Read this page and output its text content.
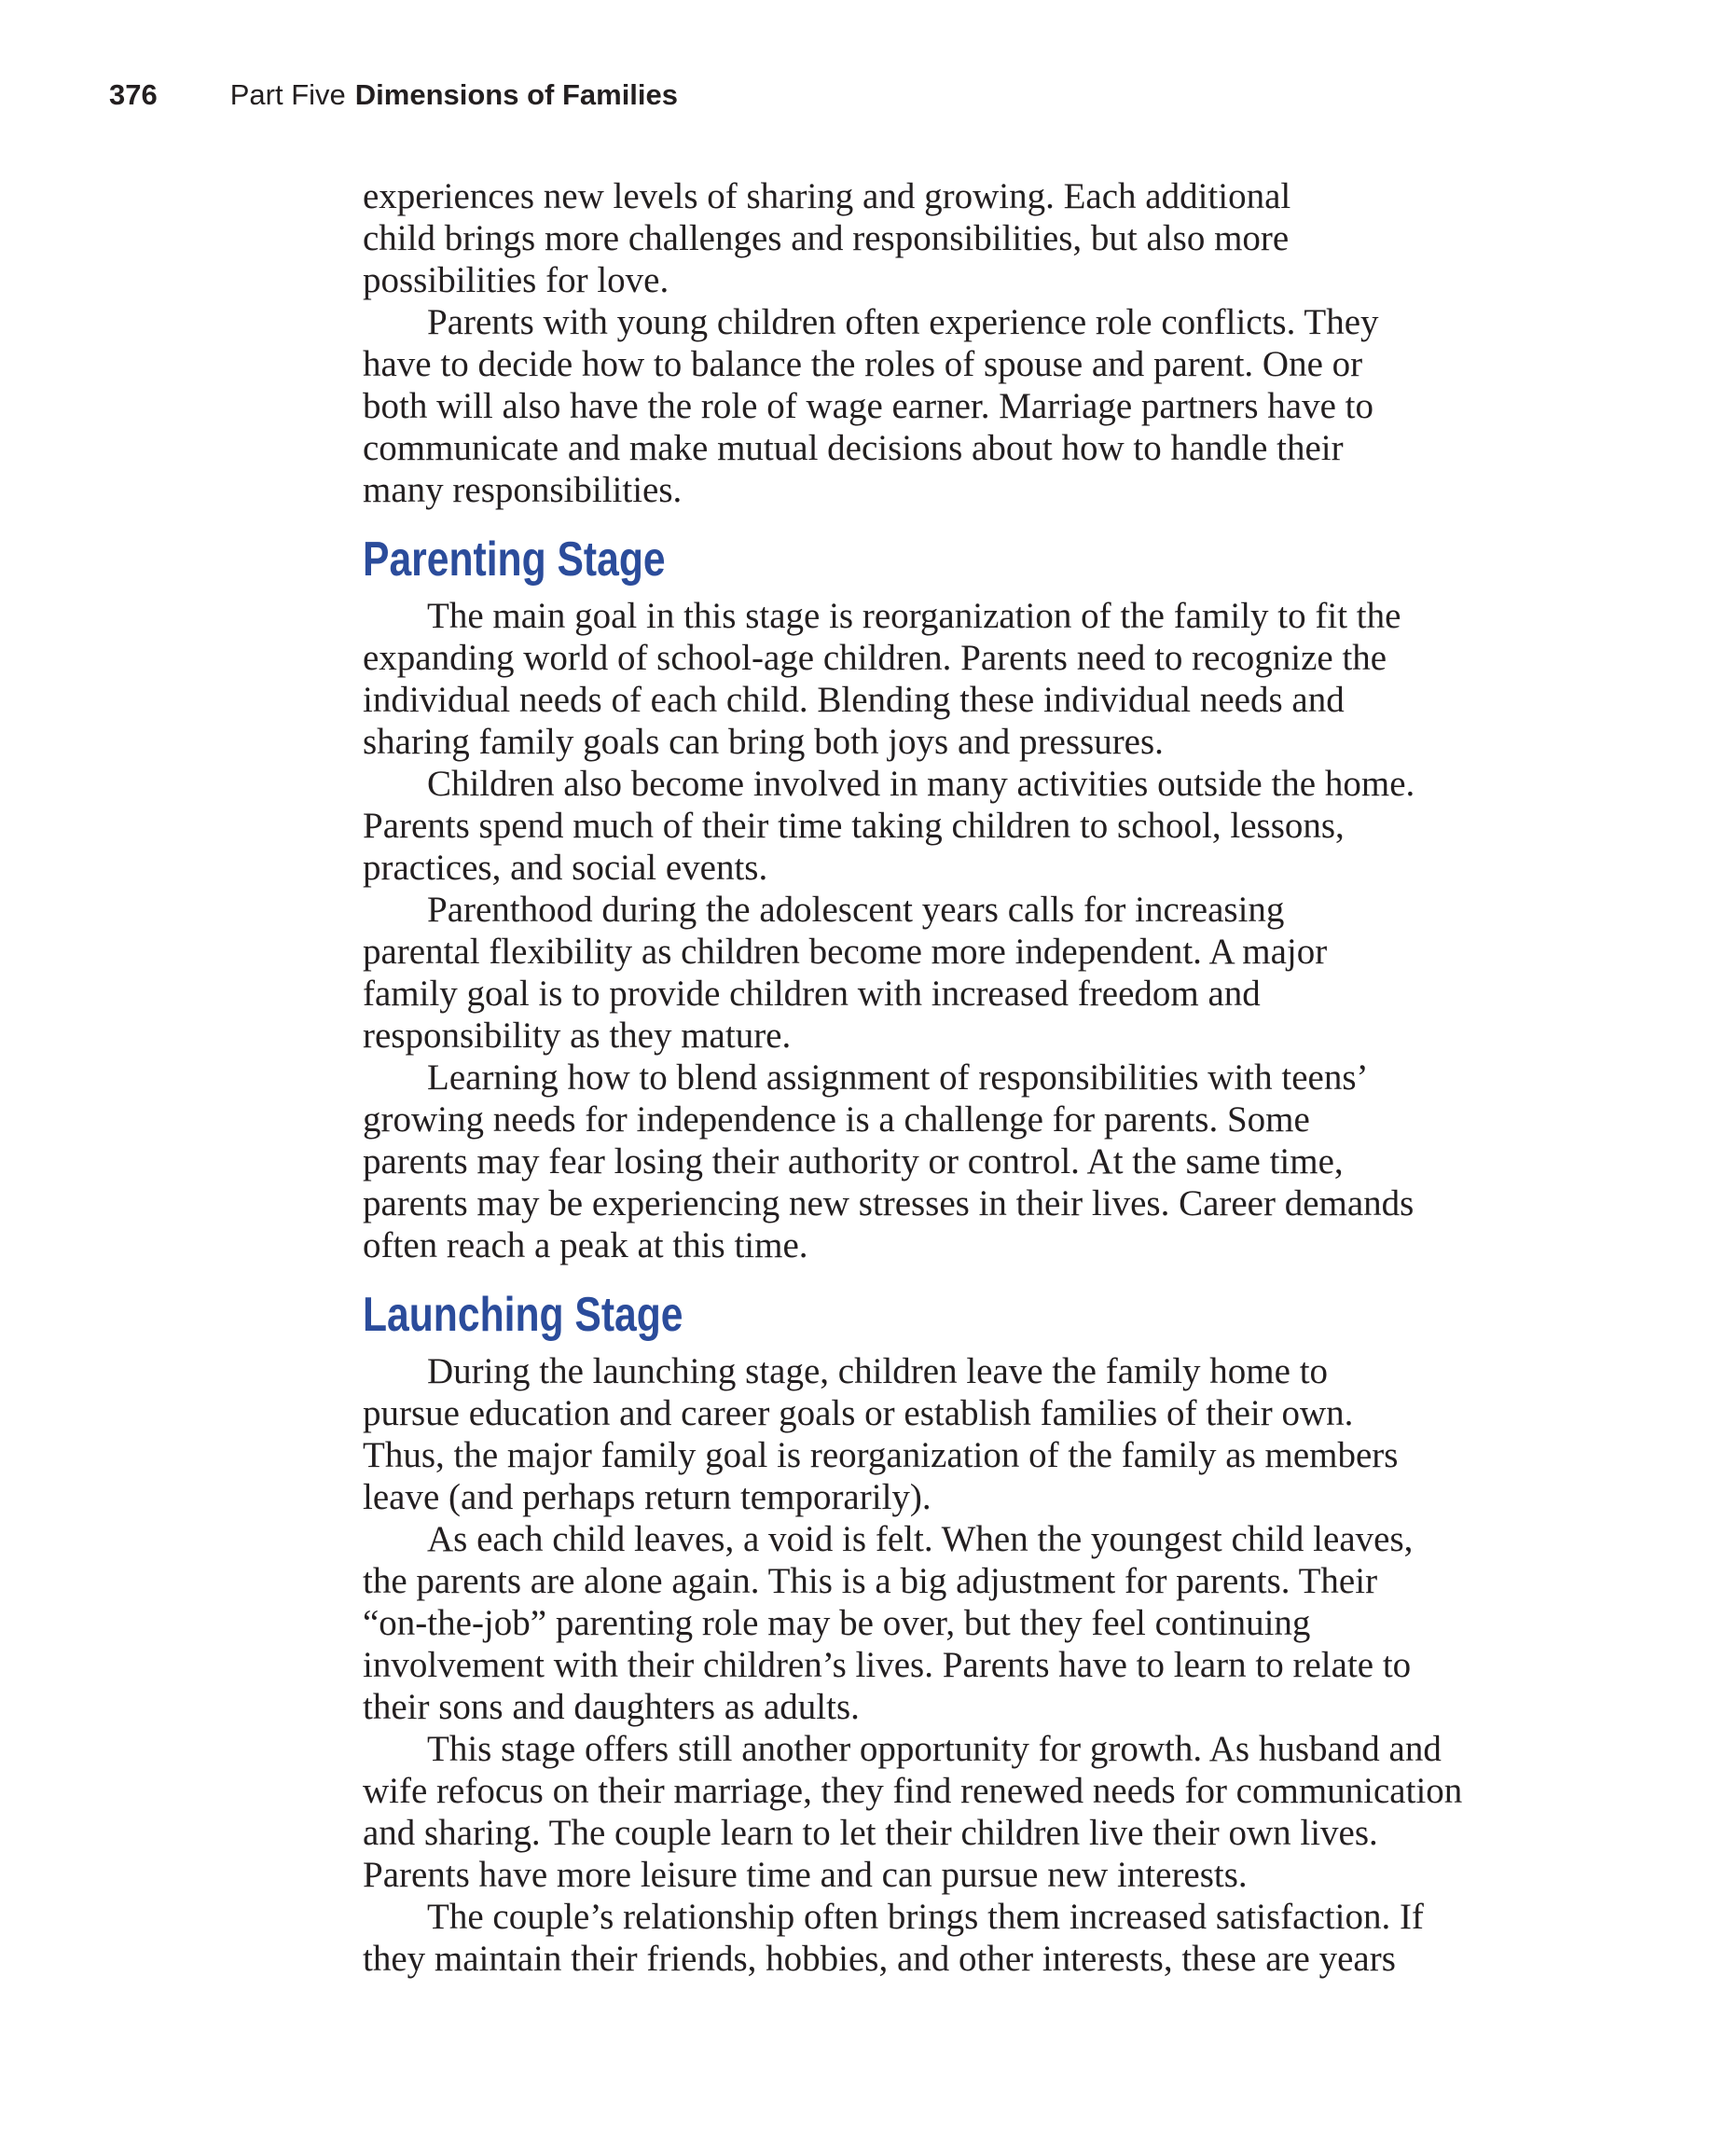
376	Part Five Dimensions of Families

experiences new levels of sharing and growing. Each additional
child brings more challenges and responsibilities, but also more
possibilities for love.

Parents with young children often experience role conflicts. They
have to decide how to balance the roles of spouse and parent. One or
both will also have the role of wage earner. Marriage partners have to
communicate and make mutual decisions about how to handle their
many responsibilities.

Parenting Stage

The main goal in this stage is reorganization of the family to fit the
expanding world of school-age children. Parents need to recognize the
individual needs of each child. Blending these individual needs and
sharing family goals can bring both joys and pressures.

Children also become involved in many activities outside the home.
Parents spend much of their time taking children to school, lessons,
practices, and social events.

Parenthood during the adolescent years calls for increasing
parental flexibility as children become more independent. A major
family goal is to provide children with increased freedom and
responsibility as they mature.

Learning how to blend assignment of responsibilities with teens’
growing needs for independence is a challenge for parents. Some
parents may fear losing their authority or control. At the same time,
parents may be experiencing new stresses in their lives. Career demands
often reach a peak at this time.

Launching Stage

During the launching stage, children leave the family home to
pursue education and career goals or establish families of their own.
Thus, the major family goal is reorganization of the family as members
leave (and perhaps return temporarily).

As each child leaves, a void is felt. When the youngest child leaves,
the parents are alone again. This is a big adjustment for parents. Their
“on-the-job” parenting role may be over, but they feel continuing
involvement with their children’s lives. Parents have to learn to relate to
their sons and daughters as adults.

This stage offers still another opportunity for growth. As husband and
wife refocus on their marriage, they find renewed needs for communication
and sharing. The couple learn to let their children live their own lives.
Parents have more leisure time and can pursue new interests.

The couple’s relationship often brings them increased satisfaction. If
they maintain their friends, hobbies, and other interests, these are years
